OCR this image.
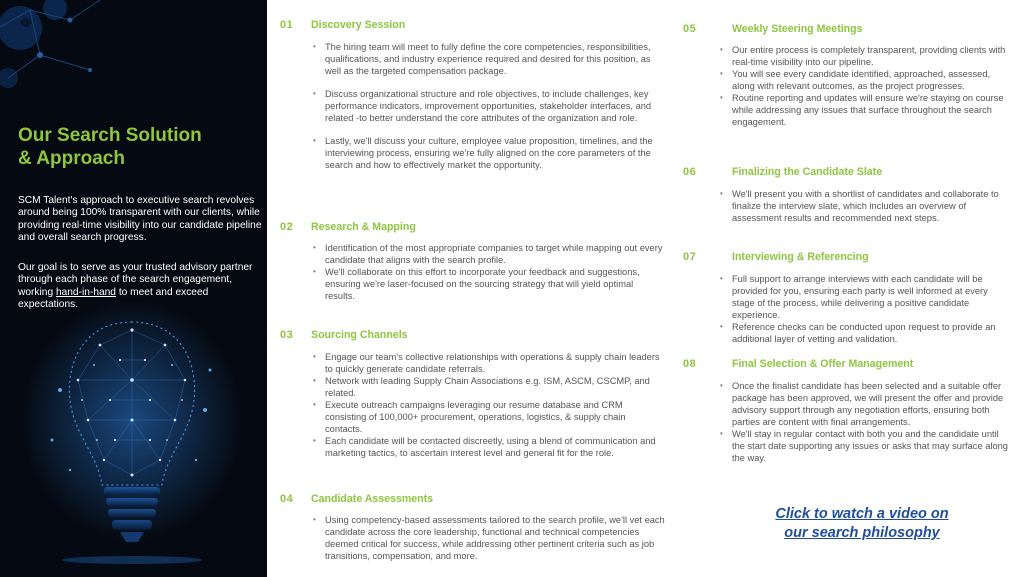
Our Search Solution
& Approach

SCM Talent's approach to executive search revolves around being 100% transparent with our clients, while providing real-time visibility into our candidate pipeline and overall search progress.

Our goal is to serve as your trusted advisory partner through each phase of the search engagement, working hand-in-hand to meet and exceed expectations.

01 Discovery Session
• The hiring team will meet to fully define the core competencies, responsibilities, qualifications, and industry experience required and desired for this position, as well as the targeted compensation package.
• Discuss organizational structure and role objectives, to include challenges, key performance indicators, improvement opportunities, stakeholder interfaces, and related -to better understand the core attributes of the organization and role.
• Lastly, we'll discuss your culture, employee value proposition, timelines, and the interviewing process, ensuring we're fully aligned on the core parameters of the search and how to effectively market the opportunity.
02 Research & Mapping
• Identification of the most appropriate companies to target while mapping out every candidate that aligns with the search profile.
• We'll collaborate on this effort to incorporate your feedback and suggestions, ensuring we're laser-focused on the sourcing strategy that will yield optimal results.
03 Sourcing Channels
• Engage our team's collective relationships with operations & supply chain leaders to quickly generate candidate referrals.
• Network with leading Supply Chain Associations e.g. ISM, ASCM, CSCMP, and related.
• Execute outreach campaigns leveraging our resume database and CRM consisting of 100,000+ procurement, operations, logistics, & supply chain contacts.
• Each candidate will be contacted discreetly, using a blend of communication and marketing tactics, to ascertain interest level and general fit for the role.
04 Candidate Assessments
• Using competency-based assessments tailored to the search profile, we'll vet each candidate across the core leadership, functional and technical competencies deemed critical for success, while addressing other pertinent criteria such as job transitions, compensation, and more.
05	Weekly Steering Meetings
• Our entire process is completely transparent, providing clients with real-time visibility into our pipeline.
• You will see every candidate identified, approached, assessed, along with relevant outcomes, as the project progresses.
• Routine reporting and updates will ensure we're staying on course while addressing any issues that surface throughout the search engagement.
06	Finalizing the Candidate Slate
• We'll present you with a shortlist of candidates and collaborate to finalize the interview slate, which includes an overview of assessment results and recommended next steps.
07	Interviewing & Referencing
• Full support to arrange interviews with each candidate will be provided for you, ensuring each party is well informed at every stage of the process, while delivering a positive candidate experience.
• Reference checks can be conducted upon request to provide an additional layer of vetting and validation.
08	Final Selection & Offer Management
• Once the finalist candidate has been selected and a suitable offer package has been approved, we will present the offer and provide advisory support through any negotiation efforts, ensuring both parties are content with final arrangements.
• We'll stay in regular contact with both you and the candidate until the start date supporting any issues or asks that may surface along the way.
Click to watch a video on
our search philosophy
